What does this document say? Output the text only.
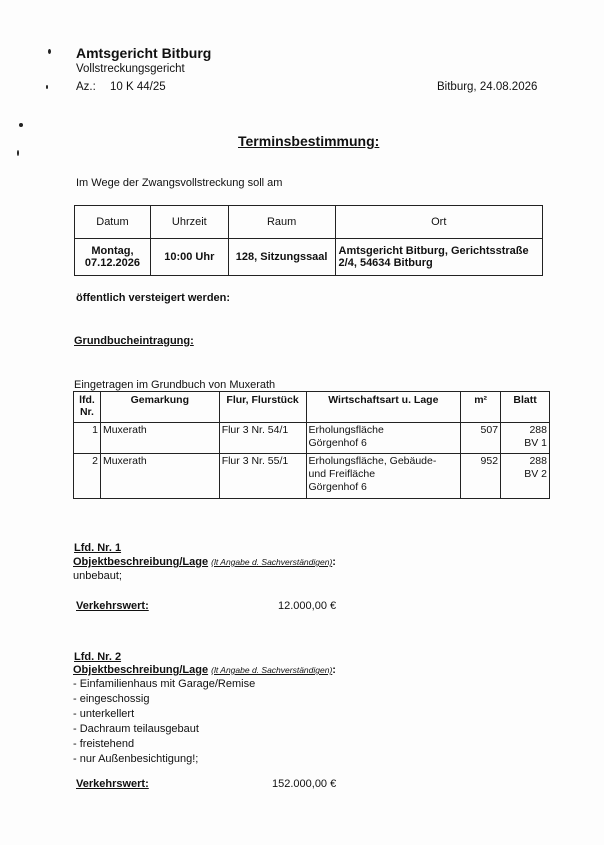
Amtsgericht Bitburg
Vollstreckungsgericht
Az.: 10 K 44/25	Bitburg, 24.08.2026
Terminsbestimmung:
Im Wege der Zwangsvollstreckung soll am
Datum	Uhrzeit	Raum	Ort
Montag,
07.12.2026	10:00 Uhr	128, Sitzungssaal	Amtsgericht Bitburg, Gerichtsstraße
2/4, 54634 Bitburg
öffentlich versteigert werden:
Grundbucheintragung:
Eingetragen im Grundbuch von Muxerath
lfd.
Nr.	Gemarkung	Flur, Flurstück	Wirtschaftsart u. Lage	m²	Blatt
1	Muxerath	Flur 3 Nr. 54/1	Erholungsfläche
Görgenhof 6	507	288
BV 1

2	Muxerath	Flur 3 Nr. 55/1	Erholungsfläche, Gebäude-
und Freifläche
Görgenhof 6	952	288
BV 2
Lfd. Nr. 1
Objektbeschreibung/Lage (lt Angabe d. Sachverständigen):
unbebaut;
Verkehrswert:	12.000,00 €
Lfd. Nr. 2
Objektbeschreibung/Lage (lt Angabe d. Sachverständigen):
- Einfamilienhaus mit Garage/Remise
- eingeschossig
- unterkellert
- Dachraum teilausgebaut
- freistehend
- nur Außenbesichtigung!;
Verkehrswert:	152.000,00 €
